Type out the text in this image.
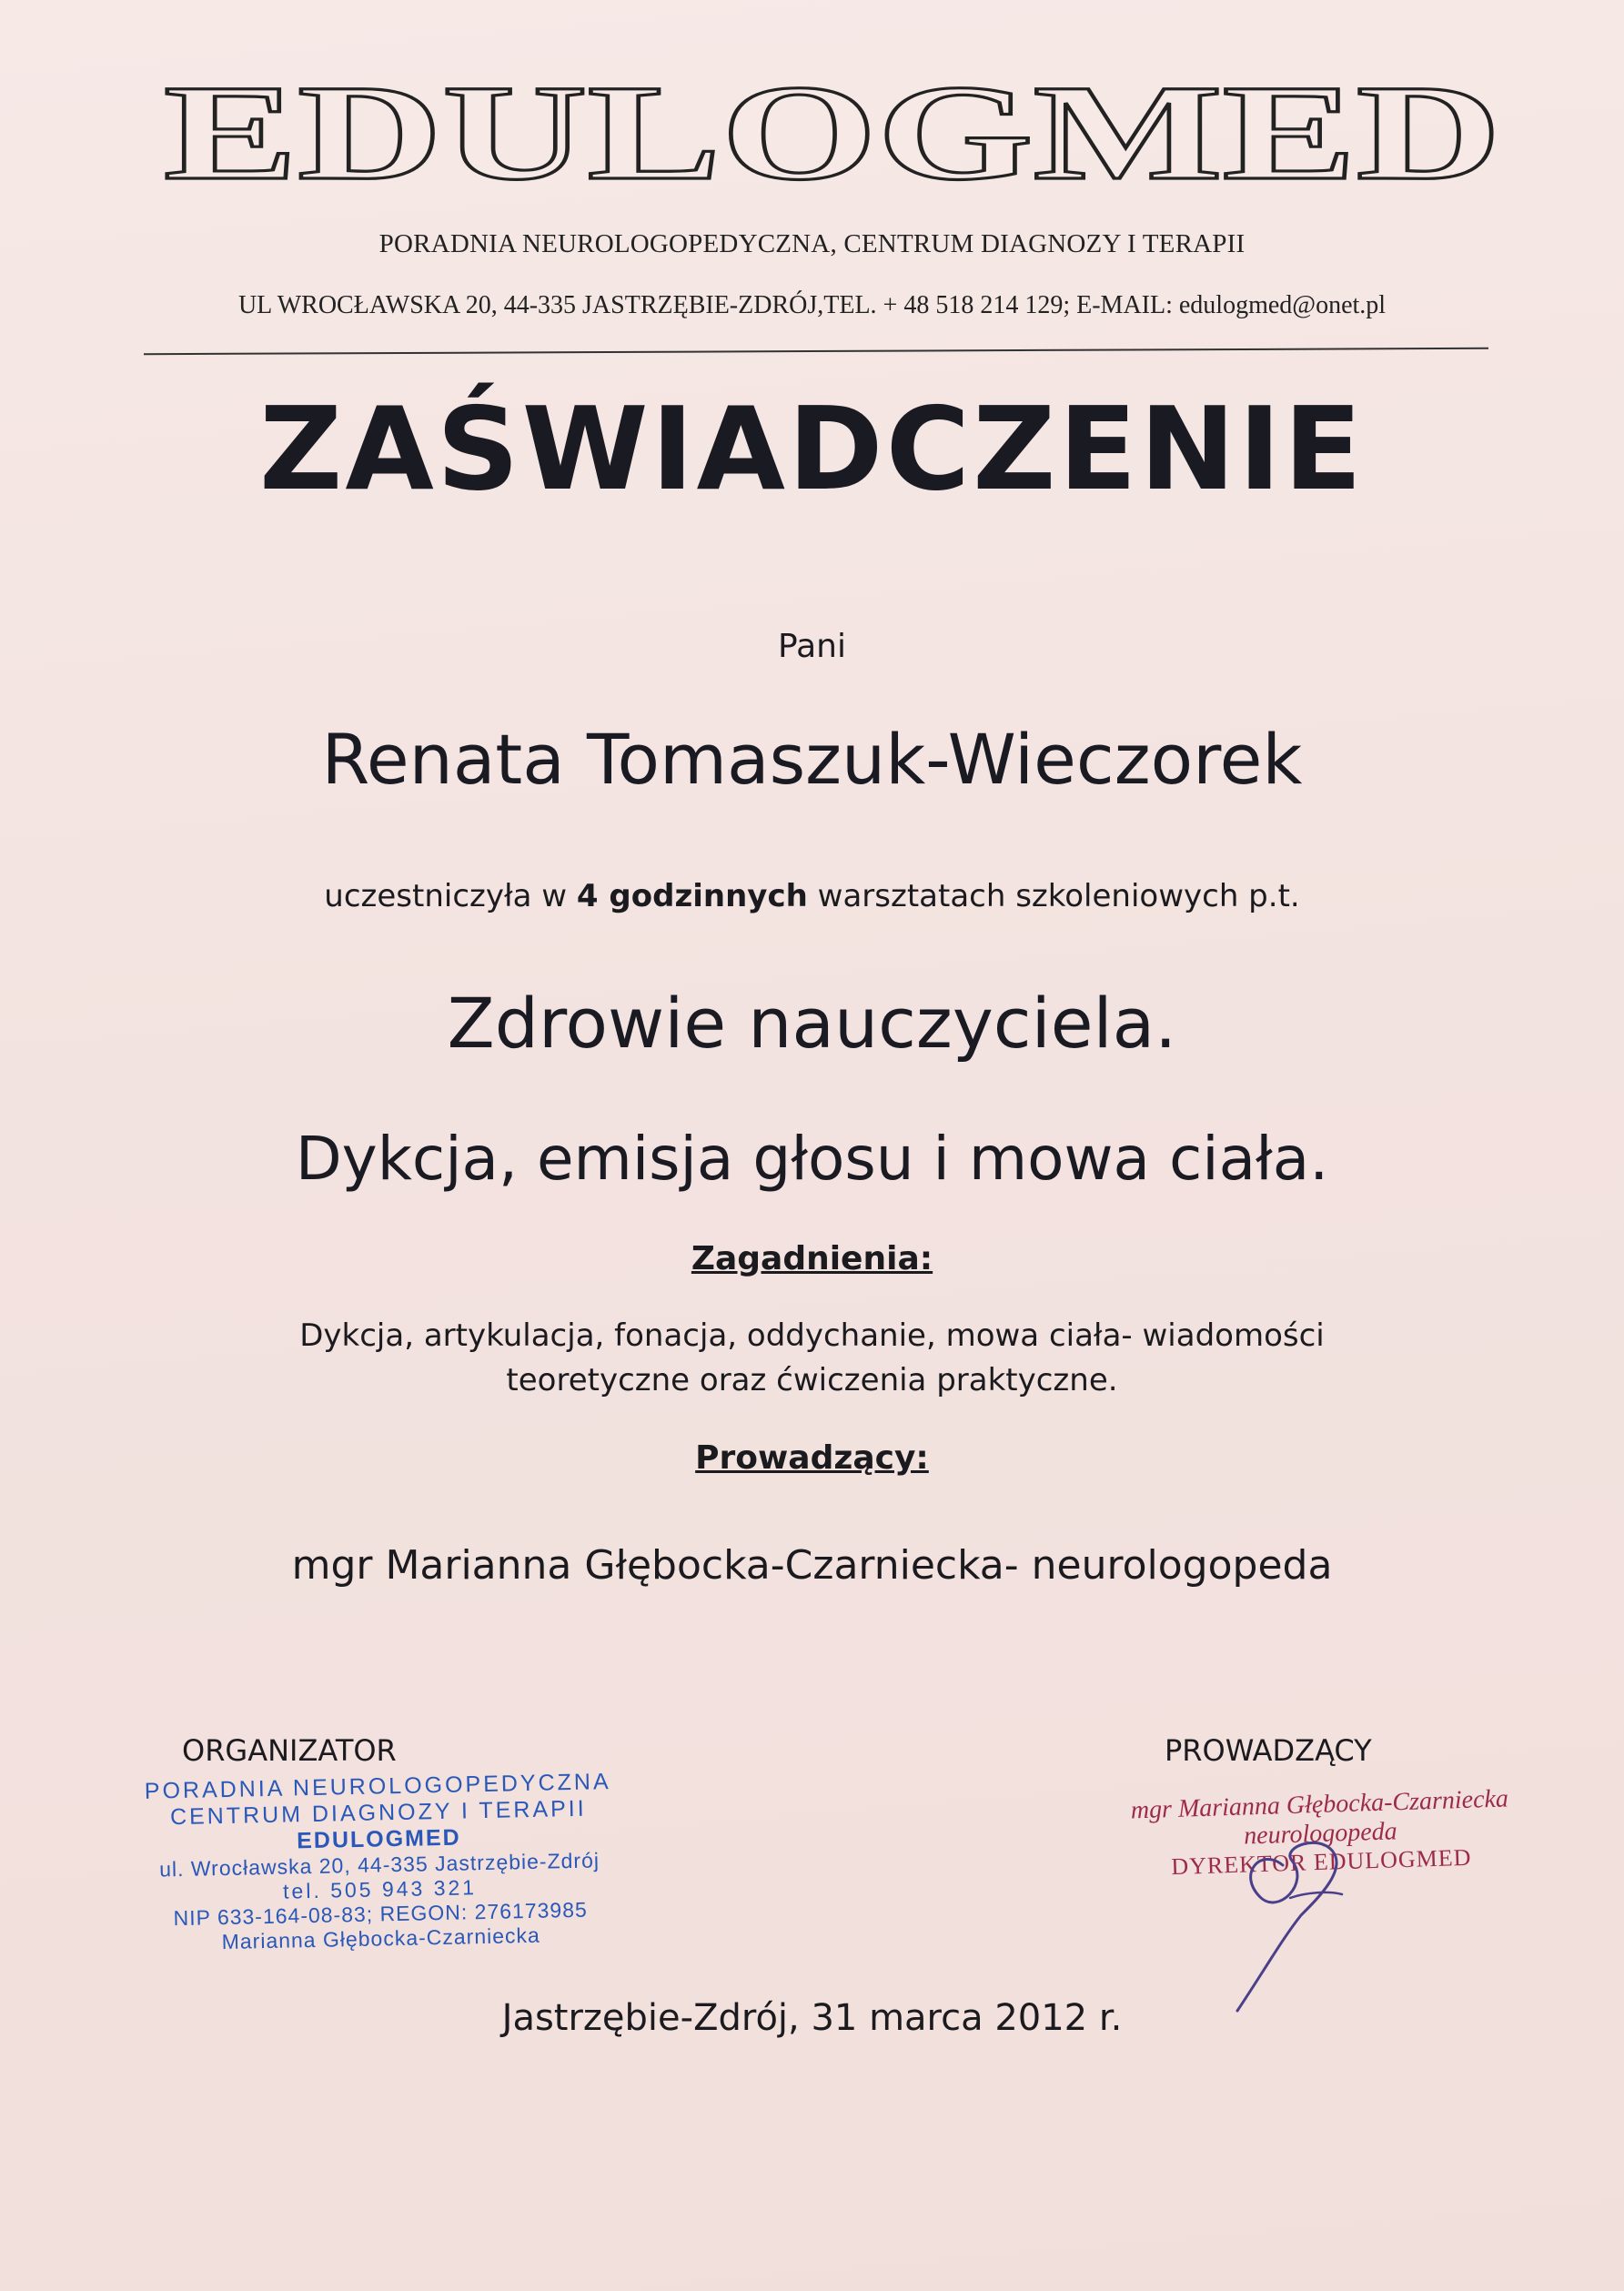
EDULOGMED
PORADNIA NEUROLOGOPEDYCZNA, CENTRUM DIAGNOZY I TERAPII
UL WROCŁAWSKA 20, 44-335 JASTRZĘBIE-ZDRÓJ,TEL. + 48 518 214 129; E-MAIL: edulogmed@onet.pl
ZAŚWIADCZENIE
Pani
Renata Tomaszuk-Wieczorek
uczestniczyła w 4 godzinnych warsztatach szkoleniowych p.t.
Zdrowie nauczyciela.
Dykcja, emisja głosu i mowa ciała.
Zagadnienia:
Dykcja, artykulacja, fonacja, oddychanie, mowa ciała- wiadomości
teoretyczne oraz ćwiczenia praktyczne.
Prowadzący:
mgr Marianna Głębocka-Czarniecka- neurologopeda
ORGANIZATOR	PROWADZĄCY
PORADNIA NEUROLOGOPEDYCZNA
CENTRUM DIAGNOZY I TERAPII
EDULOGMED
ul. Wrocławska 20, 44-335 Jastrzębie-Zdrój
tel. 505 943 321
NIP 633-164-08-83; REGON: 276173985
Marianna Głębocka-Czarniecka
mgr Marianna Głębocka-Czarniecka
neurologopeda
DYREKTOR EDULOGMED
Jastrzębie-Zdrój, 31 marca 2012 r.
